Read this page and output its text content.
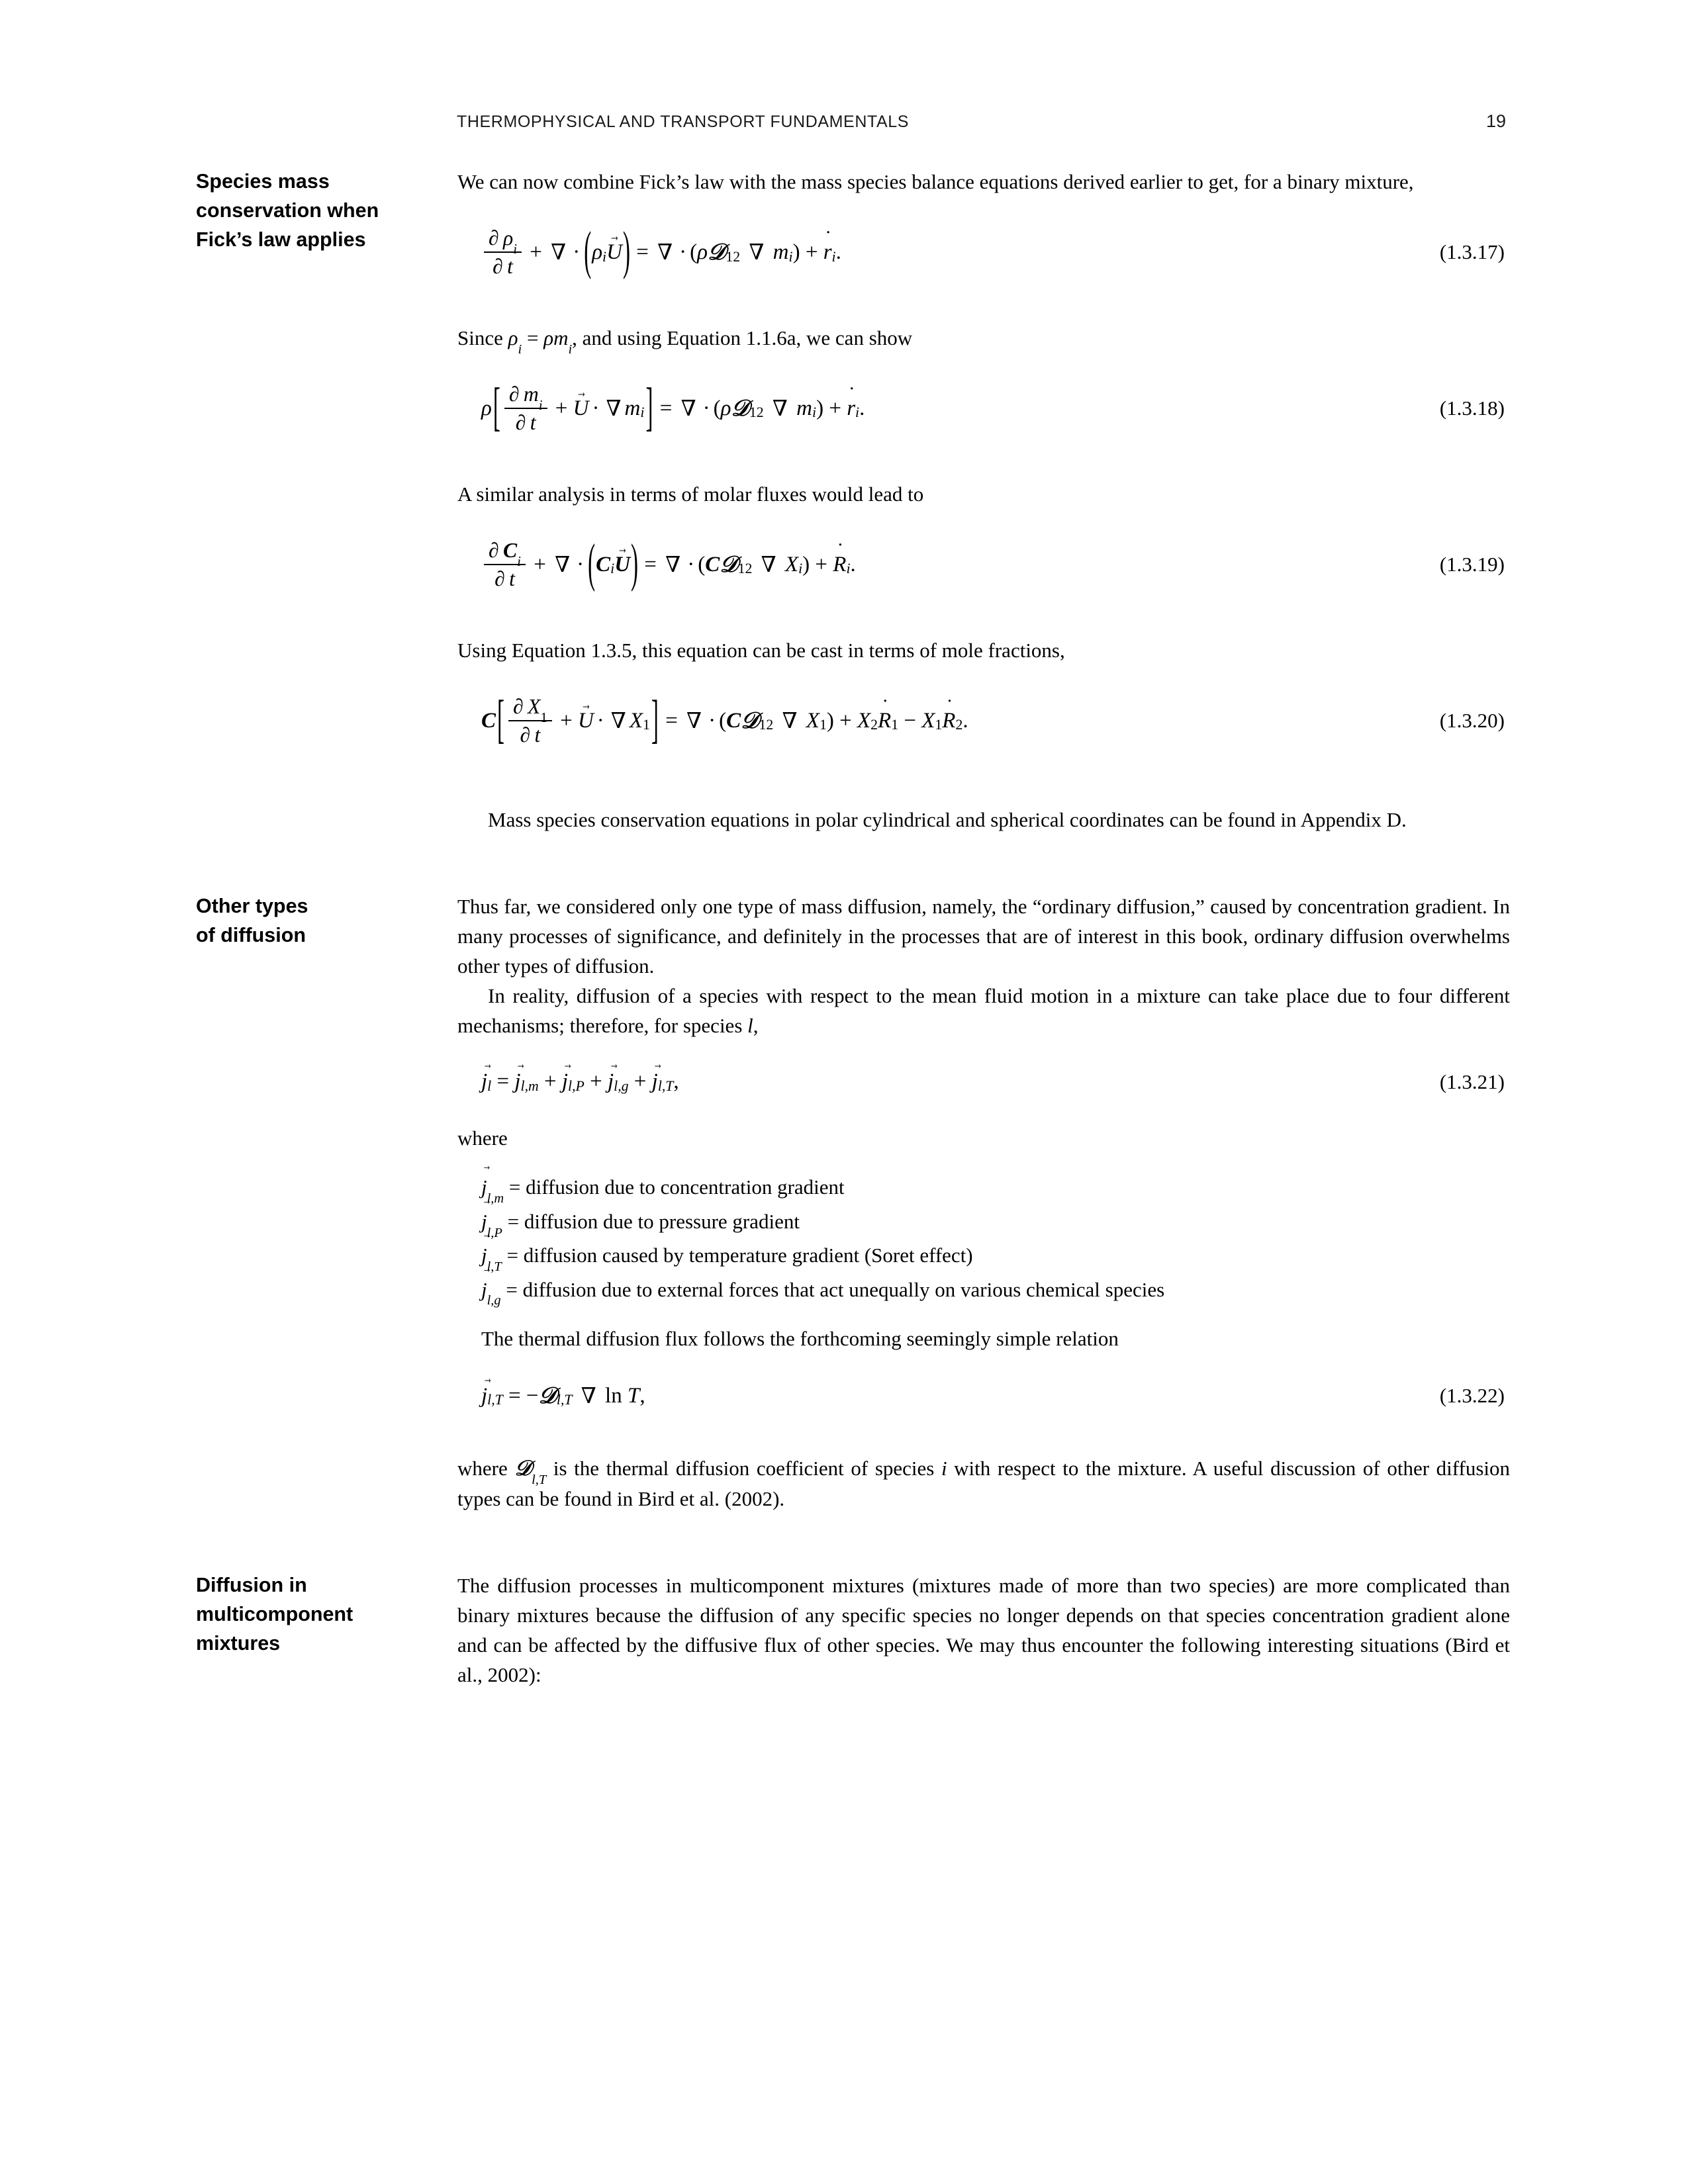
THERMOPHYSICAL AND TRANSPORT FUNDAMENTALS	19
Species mass
conservation when
Fick’s law applies

We can now combine Fick’s law with the mass species balance equations derived earlier to get, for a binary mixture,

$\frac{\partial \rho_i}{\partial t}$ + ∇ · ( ρ $_i$ U → ) = ∇ · ( ρ 𝒟$_{12}$
∇
m $_i$ ) + r ˙ $_i$ .	(1.3.17)

Since $\rho_i = \rho m_i$, and using Equation 1.1.6a, we can show

ρ [ $\frac{\partial m_i}{\partial t} + U$ → · ∇ m $_i$ ] = ∇ · ( ρ 𝒟$_{12}$
∇
m $_i$ ) + r ˙ $_i$ .	(1.3.18)

A similar analysis in terms of molar fluxes would lead to

$\frac{\partial C_i}{\partial t}$ + ∇ · ( C $_i$ U → ) = ∇ · ( C 𝒟$_{12}$
∇
X $_i$ ) + R ˙ $_i$ .	(1.3.19)

Using Equation 1.3.5, this equation can be cast in terms of mole fractions,

C [ $\frac{\partial X_1}{\partial t} + U$ → · ∇ $X_1$ ] = ∇ · ( C 𝒟$_{12}$
∇
$X_1$ ) + $X_2$ R $˙_1 - X_1$ R $˙_2$ .	(1.3.20)

Mass species conservation equations in polar cylindrical and spherical coordinates can be found in Appendix D.

Other types
of diffusion

Thus far, we considered only one type of mass diffusion, namely, the “ordinary diffusion,” caused by concentration gradient. In many processes of significance, and definitely in the processes that are of interest in this book, ordinary diffusion overwhelms other types of diffusion.

In reality, diffusion of a species with respect to the mean fluid motion in a mixture can take place due to four different mechanisms; therefore, for species l,

j → $_l$ = j → $_{l,m}$ + j → $_{l,P}$ + j → $_{l,g}$ + j → $_{l,T}$ ,	(1.3.21)

where

$j \to_{l,m}$ = diffusion due to concentration gradient
$j \to_{l,P}$ = diffusion due to pressure gradient
$j \to_{l,T}$ = diffusion caused by temperature gradient (Soret effect)
$j \to_{l,g}$ = diffusion due to external forces that act unequally on various chemical species

The thermal diffusion flux follows the forthcoming seemingly simple relation

j → $_{l,T}$ = − 𝒟 $_{l,T}$
∇
ln
T ,	(1.3.22)

where 𝒟$_{l,T}$ is the thermal diffusion coefficient of species i with respect to the mixture. A useful discussion of other diffusion types can be found in Bird et al. (2002).

Diffusion in
multicomponent
mixtures

The diffusion processes in multicomponent mixtures (mixtures made of more than two species) are more complicated than binary mixtures because the diffusion of any specific species no longer depends on that species concentration gradient alone and can be affected by the diffusive flux of other species. We may thus encounter the following interesting situations (Bird et al., 2002):
